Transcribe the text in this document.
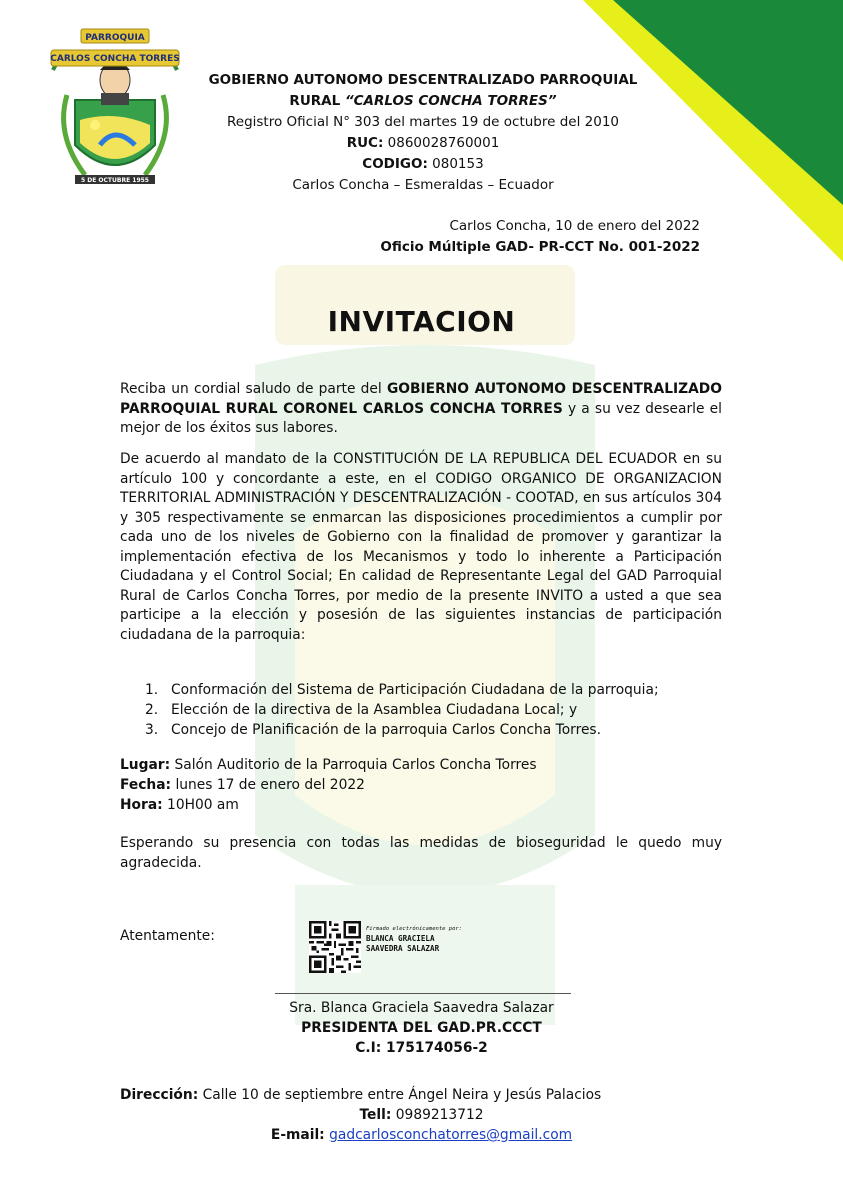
PARROQUIA
CARLOS CONCHA TORRES
5 DE OCTUBRE 1955
GOBIERNO AUTONOMO DESCENTRALIZADO PARROQUIAL
RURAL “CARLOS CONCHA TORRES”
Registro Oficial N° 303 del martes 19 de octubre del 2010
RUC: 0860028760001
CODIGO: 080153
Carlos Concha – Esmeraldas – Ecuador
Carlos Concha, 10 de enero del 2022
Oficio Múltiple GAD- PR-CCT No. 001-2022
INVITACION
Reciba un cordial saludo de parte del GOBIERNO AUTONOMO DESCENTRALIZADO PARROQUIAL RURAL CORONEL CARLOS CONCHA TORRES y a su vez desearle el mejor de los éxitos sus labores.
De acuerdo al mandato de la CONSTITUCIÓN DE LA REPUBLICA DEL ECUADOR en su artículo 100 y concordante a este, en el CODIGO ORGANICO DE ORGANIZACION TERRITORIAL ADMINISTRACIÓN Y DESCENTRALIZACIÓN - COOTAD, en sus artículos 304 y 305 respectivamente se enmarcan las disposiciones procedimientos a cumplir por cada uno de los niveles de Gobierno con la finalidad de promover y garantizar la implementación efectiva de los Mecanismos y todo lo inherente a Participación Ciudadana y el Control Social; En calidad de Representante Legal del GAD Parroquial Rural de Carlos Concha Torres, por medio de la presente INVITO a usted a que sea participe a la elección y posesión de las siguientes instancias de participación ciudadana de la parroquia:
1. Conformación del Sistema de Participación Ciudadana de la parroquia;
2. Elección de la directiva de la Asamblea Ciudadana Local; y
3. Concejo de Planificación de la parroquia Carlos Concha Torres.
Lugar: Salón Auditorio de la Parroquia Carlos Concha Torres
Fecha: lunes 17 de enero del 2022
Hora: 10H00 am
Esperando su presencia con todas las medidas de bioseguridad le quedo muy agradecida.
Atentamente:	Firmado electrónicamente por:
BLANCA GRACIELA
SAAVEDRA SALAZAR
Sra. Blanca Graciela Saavedra Salazar
PRESIDENTA DEL GAD.PR.CCCT
C.I: 175174056-2
Dirección: Calle 10 de septiembre entre Ángel Neira y Jesús Palacios
Tell: 0989213712
E-mail: gadcarlosconchatorres@gmail.com
